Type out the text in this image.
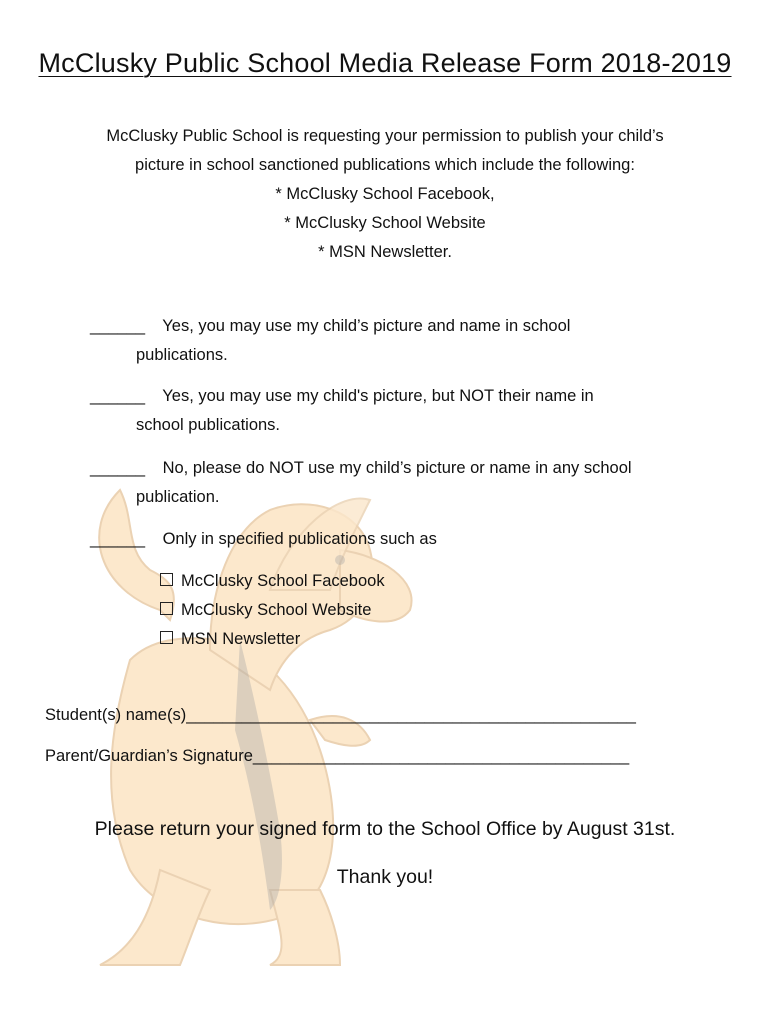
McClusky Public School Media Release Form 2018-2019
McClusky Public School is requesting your permission to publish your child’s
picture in school sanctioned publications which include the following:
* McClusky School Facebook,
* McClusky School Website
* MSN Newsletter.
______ Yes, you may use my child’s picture and name in school
publications.
______ Yes, you may use my child's picture, but NOT their name in
school publications.
______ No, please do NOT use my child’s picture or name in any school
publication.
______ Only in specified publications such as
McClusky School Facebook
McClusky School Website
MSN Newsletter
Student(s) name(s)_________________________________________________
Parent/Guardian’s Signature_________________________________________
Please return your signed form to the School Office by August 31st.
Thank you!
